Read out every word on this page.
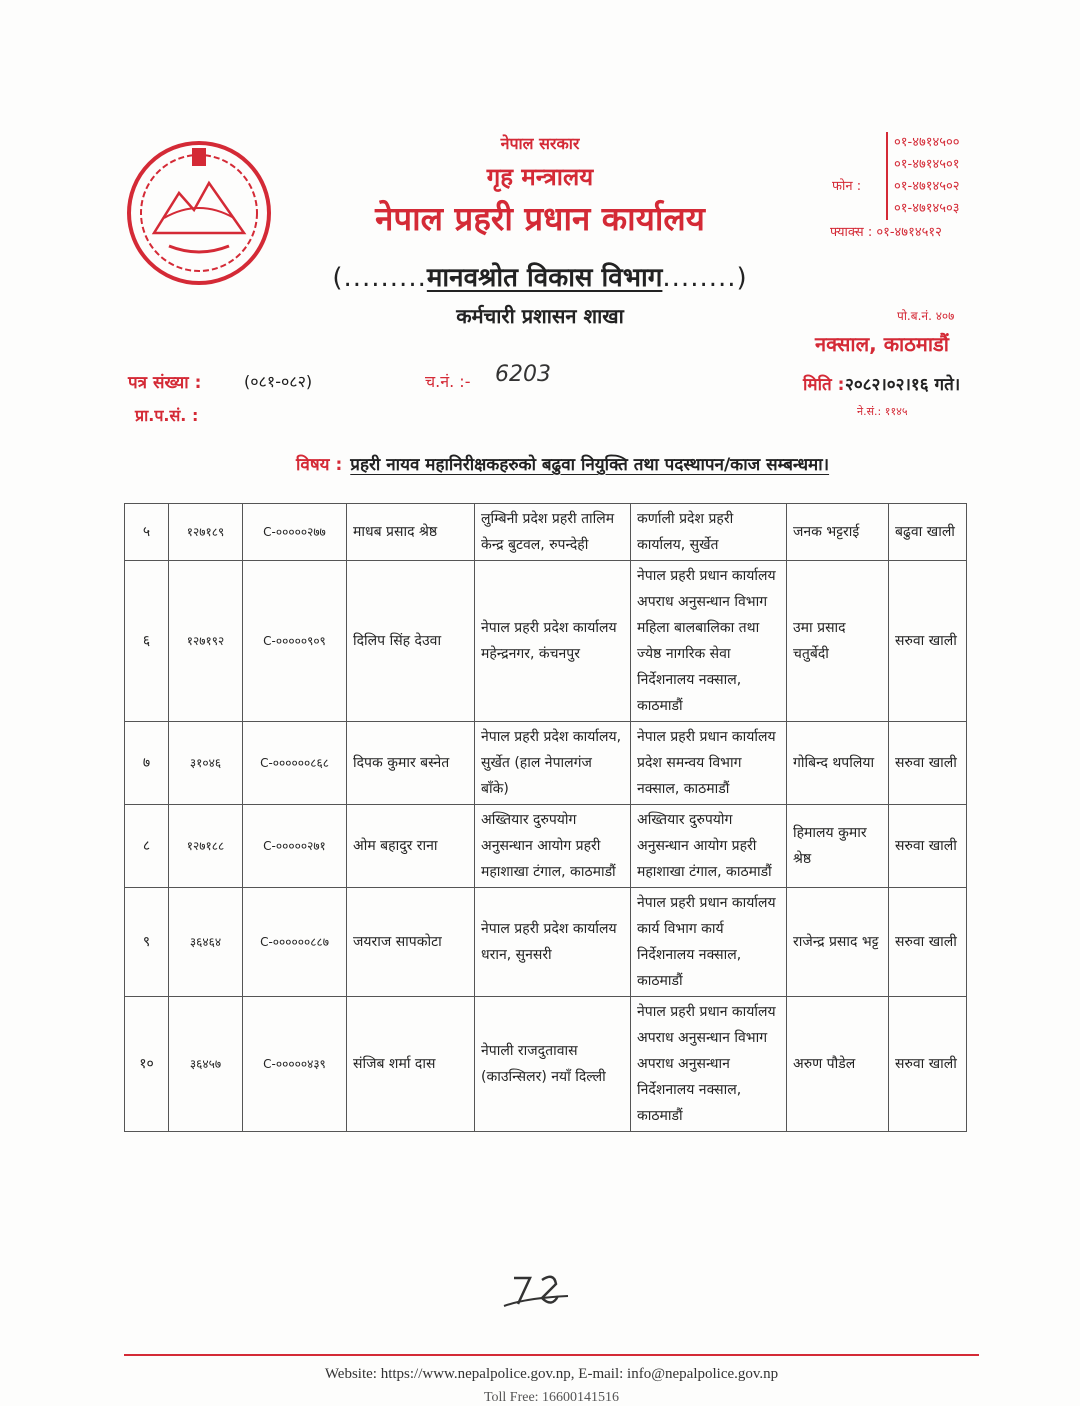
नेपाल सरकार
गृह मन्त्रालय
नेपाल प्रहरी प्रधान कार्यालय
(.........मानवश्रोत विकास विभाग........)
कर्मचारी प्रशासन शाखा
फोन :
०१-४७१४५००
०१-४७१४५०१
०१-४७१४५०२
०१-४७१४५०३
फ्याक्स : ०१-४७१४५१२
पो.ब.नं. ४०७
नक्साल, काठमाडौं
पत्र संख्या :	(०८१-०८२)	च.नं. :- 6203	मिति : २०८२।०२।१६ गते।
ने.सं.: ११४५
प्रा.प.सं. :
विषय : प्रहरी नायव महानिरीक्षकहरुको बढुवा नियुक्ति तथा पदस्थापन/काज सम्बन्धमा।
५	१२७१८९	C-०००००२७७	माधब प्रसाद श्रेष्ठ	लुम्बिनी प्रदेश प्रहरी तालिम केन्द्र बुटवल, रुपन्देही	कर्णाली प्रदेश प्रहरी कार्यालय, सुर्खेत	जनक भट्टराई	बढुवा खाली
६	१२७१९२	C-०००००९०९	दिलिप सिंह देउवा	नेपाल प्रहरी प्रदेश कार्यालय महेन्द्रनगर, कंचनपुर	नेपाल प्रहरी प्रधान कार्यालय अपराध अनुसन्धान विभाग महिला बालबालिका तथा ज्येष्ठ नागरिक सेवा निर्देशनालय नक्साल, काठमाडौं	उमा प्रसाद चतुर्बेदी	सरुवा खाली
७	३१०४६	C-००००००८६८	दिपक कुमार बस्नेत	नेपाल प्रहरी प्रदेश कार्यालय, सुर्खेत (हाल नेपालगंज बाँके)	नेपाल प्रहरी प्रधान कार्यालय प्रदेश समन्वय विभाग नक्साल, काठमाडौं	गोबिन्द थपलिया	सरुवा खाली
८	१२७१८८	C-०००००२७१	ओम बहादुर राना	अख्तियार दुरुपयोग अनुसन्धान आयोग प्रहरी महाशाखा टंगाल, काठमाडौं	अख्तियार दुरुपयोग अनुसन्धान आयोग प्रहरी महाशाखा टंगाल, काठमाडौं	हिमालय कुमार श्रेष्ठ	सरुवा खाली
९	३६४६४	C-००००००८८७	जयराज सापकोटा	नेपाल प्रहरी प्रदेश कार्यालय धरान, सुनसरी	नेपाल प्रहरी प्रधान कार्यालय कार्य विभाग कार्य निर्देशनालय नक्साल, काठमाडौं	राजेन्द्र प्रसाद भट्ट	सरुवा खाली
१०	३६४५७	C-०००००४३९	संजिब शर्मा दास	नेपाली राजदुतावास (काउन्सिलर) नयाँ दिल्ली	नेपाल प्रहरी प्रधान कार्यालय अपराध अनुसन्धान विभाग अपराध अनुसन्धान निर्देशनालय नक्साल, काठमाडौं	अरुण पौडेल	सरुवा खाली
Website: https://www.nepalpolice.gov.np, E-mail: info@nepalpolice.gov.np
Toll Free: 16600141516
